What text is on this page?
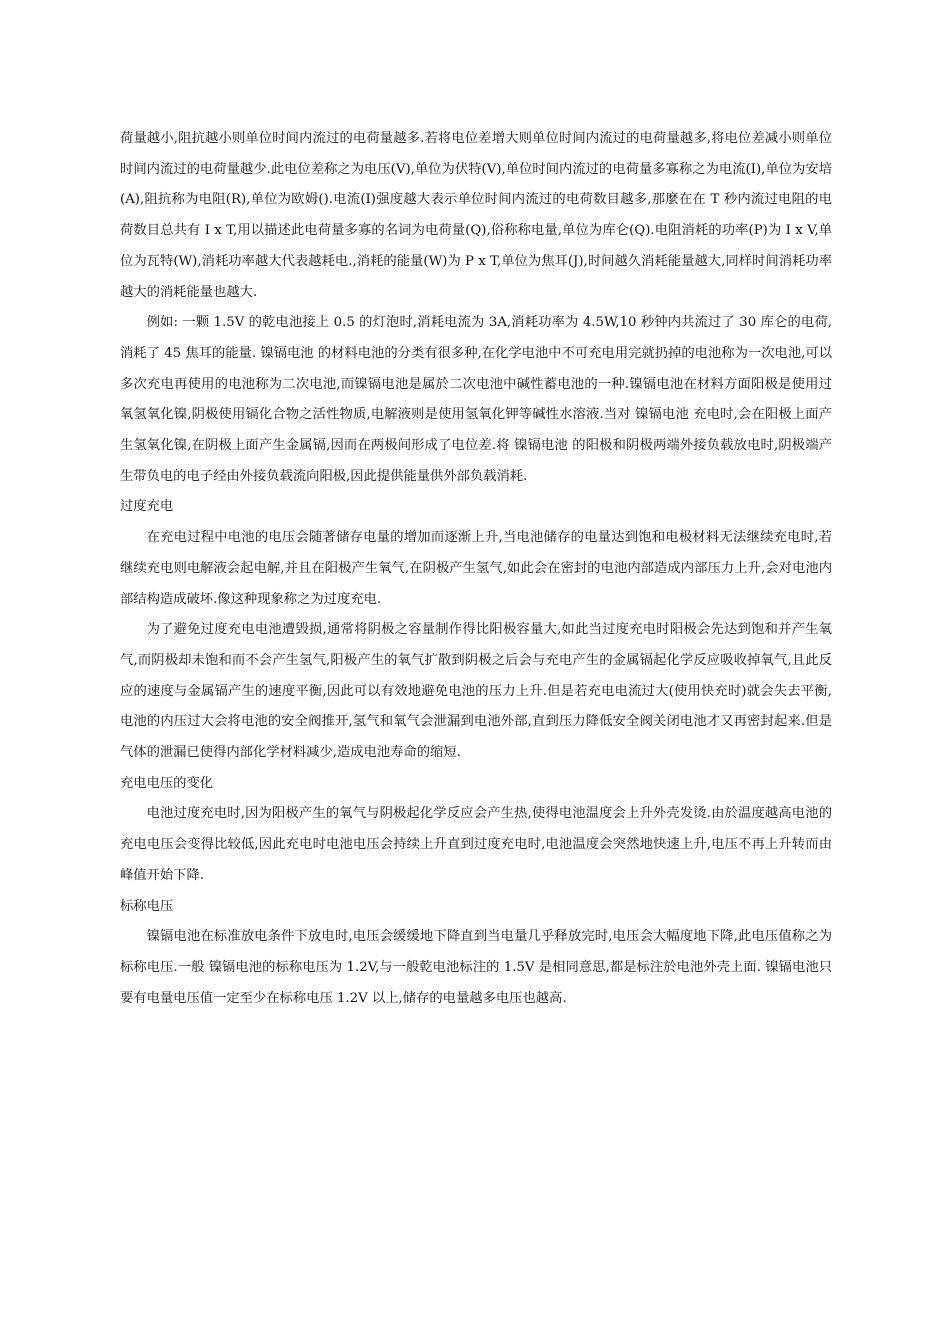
荷量越小,阻抗越小则单位时间内流过的电荷量越多.若将电位差增大则单位时间内流过的电荷量越多,将电位差减小则单位时间内流过的电荷量越少.此电位差称之为电压(V),单位为伏特(V),单位时间内流过的电荷量多寡称之为电流(I),单位为安培(A),阻抗称为电阻(R),单位为欧姆().电流(I)强度越大表示单位时间内流过的电荷数目越多,那麼在在 T 秒内流过电阻的电荷数目总共有 I x T,用以描述此电荷量多寡的名词为电荷量(Q),俗称称电量,单位为库仑(Q).电阻消耗的功率(P)为 I x V,单位为瓦特(W),消耗功率越大代表越耗电.,消耗的能量(W)为 P x T,单位为焦耳(J),时间越久消耗能量越大,同样时间消耗功率越大的消耗能量也越大.

例如: 一颗 1.5V 的乾电池接上 0.5 的灯泡时,消耗电流为 3A,消耗功率为 4.5W,10 秒钟内共流过了 30 库仑的电荷,消耗了 45 焦耳的能量. 镍镉电池 的材料电池的分类有很多种,在化学电池中不可充电用完就扔掉的电池称为一次电池,可以多次充电再使用的电池称为二次电池,而镍镉电池是属於二次电池中碱性蓄电池的一种.镍镉电池在材料方面阳极是使用过氧氢氧化镍,阴极使用镉化合物之活性物质,电解液则是使用氢氧化钾等碱性水溶液.当对 镍镉电池 充电时,会在阳极上面产生氢氧化镍,在阴极上面产生金属镉,因而在两极间形成了电位差.将 镍镉电池 的阳极和阴极两端外接负载放电时,阴极端产生带负电的电子经由外接负载流向阳极,因此提供能量供外部负载消耗.

过度充电

在充电过程中电池的电压会随著储存电量的增加而逐渐上升,当电池储存的电量达到饱和电极材料无法继续充电时,若继续充电则电解液会起电解,并且在阳极产生氧气,在阴极产生氢气,如此会在密封的电池内部造成内部压力上升,会对电池内部结构造成破坏.像这种现象称之为过度充电.

为了避免过度充电电池遭毁损,通常将阴极之容量制作得比阳极容量大,如此当过度充电时阳极会先达到饱和并产生氧气,而阴极却未饱和而不会产生氢气,阳极产生的氧气扩散到阴极之后会与充电产生的金属镉起化学反应吸收掉氧气,且此反应的速度与金属镉产生的速度平衡,因此可以有效地避免电池的压力上升.但是若充电电流过大(使用快充时)就会失去平衡,电池的内压过大会将电池的安全阀推开,氢气和氧气会泄漏到电池外部,直到压力降低安全阀关闭电池才又再密封起来.但是气体的泄漏已使得内部化学材料减少,造成电池寿命的缩短.

充电电压的变化

电池过度充电时,因为阳极产生的氧气与阴极起化学反应会产生热,使得电池温度会上升外壳发烫.由於温度越高电池的充电电压会变得比较低,因此充电时电池电压会持续上升直到过度充电时,电池温度会突然地快速上升,电压不再上升转而由峰值开始下降.

标称电压

镍镉电池在标准放电条件下放电时,电压会缓缓地下降直到当电量几乎释放完时,电压会大幅度地下降,此电压值称之为标称电压.一般 镍镉电池的标称电压为 1.2V,与一般乾电池标注的 1.5V 是相同意思,都是标注於电池外壳上面. 镍镉电池只要有电量电压值一定至少在标称电压 1.2V 以上,储存的电量越多电压也越高.
